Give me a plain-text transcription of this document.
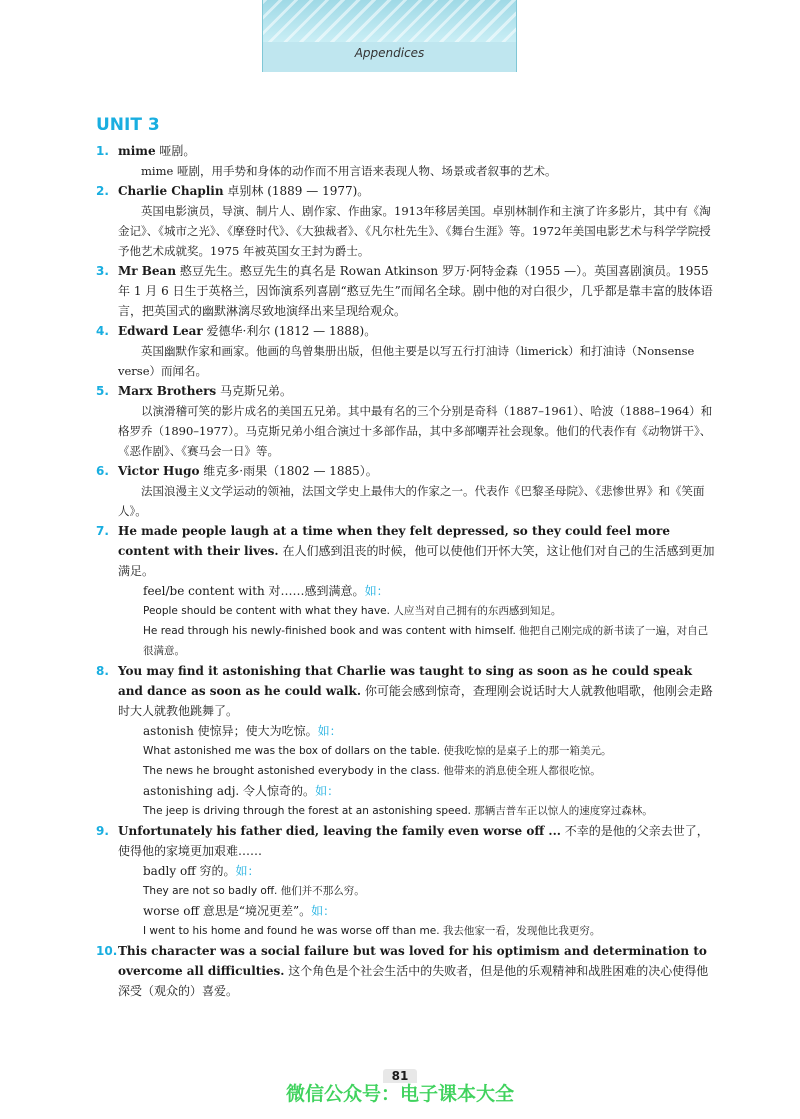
Appendices
UNIT 3
1. mime 哑剧。
mime 哑剧，用手势和身体的动作而不用言语来表现人物、场景或者叙事的艺术。
2. Charlie Chaplin 卓别林 (1889 — 1977)。
英国电影演员，导演、制片人、剧作家、作曲家。1913年移居美国。卓别林制作和主演了许多影片，其中有《淘金记》、《城市之光》、《摩登时代》、《大独裁者》、《凡尔杜先生》、《舞台生涯》等。1972年美国电影艺术与科学学院授予他艺术成就奖。1975 年被英国女王封为爵士。
3. Mr Bean 憨豆先生。憨豆先生的真名是 Rowan Atkinson 罗万·阿特金森（1955 —）。英国喜剧演员。1955 年 1 月 6 日生于英格兰，因饰演系列喜剧“憨豆先生”而闻名全球。剧中他的对白很少，几乎都是靠丰富的肢体语言，把英国式的幽默淋漓尽致地演绎出来呈现给观众。
4. Edward Lear 爱德华·利尔 (1812 — 1888)。
英国幽默作家和画家。他画的鸟曾集册出版，但他主要是以写五行打油诗（limerick）和打油诗（Nonsense verse）而闻名。
5. Marx Brothers 马克斯兄弟。
以演滑稽可笑的影片成名的美国五兄弟。其中最有名的三个分别是奇科（1887–1961）、哈波（1888–1964）和格罗乔（1890–1977）。马克斯兄弟小组合演过十多部作品，其中多部嘲弄社会现象。他们的代表作有《动物饼干》、《恶作剧》、《赛马会一日》等。
6. Victor Hugo 维克多·雨果（1802 — 1885）。
法国浪漫主义文学运动的领袖，法国文学史上最伟大的作家之一。代表作《巴黎圣母院》、《悲惨世界》和《笑面人》。
7. He made people laugh at a time when they felt depressed, so they could feel more content with their lives. 在人们感到沮丧的时候，他可以使他们开怀大笑，这让他们对自己的生活感到更加满足。
feel/be content with 对……感到满意。如：
People should be content with what they have. 人应当对自己拥有的东西感到知足。
He read through his newly-finished book and was content with himself. 他把自己刚完成的新书读了一遍，对自己很满意。
8. You may find it astonishing that Charlie was taught to sing as soon as he could speak and dance as soon as he could walk. 你可能会感到惊奇，查理刚会说话时大人就教他唱歌，他刚会走路时大人就教他跳舞了。
astonish 使惊异；使大为吃惊。如：
What astonished me was the box of dollars on the table. 使我吃惊的是桌子上的那一箱美元。
The news he brought astonished everybody in the class. 他带来的消息使全班人都很吃惊。
astonishing adj. 令人惊奇的。如：
The jeep is driving through the forest at an astonishing speed. 那辆吉普车正以惊人的速度穿过森林。
9. Unfortunately his father died, leaving the family even worse off ... 不幸的是他的父亲去世了，使得他的家境更加艰难……
badly off 穷的。如：
They are not so badly off. 他们并不那么穷。
worse off 意思是“境况更差”。如：
I went to his home and found he was worse off than me. 我去他家一看，发现他比我更穷。
10. This character was a social failure but was loved for his optimism and determination to overcome all difficulties. 这个角色是个社会生活中的失败者，但是他的乐观精神和战胜困难的决心使得他深受（观众的）喜爱。
81
微信公众号：电子课本大全
